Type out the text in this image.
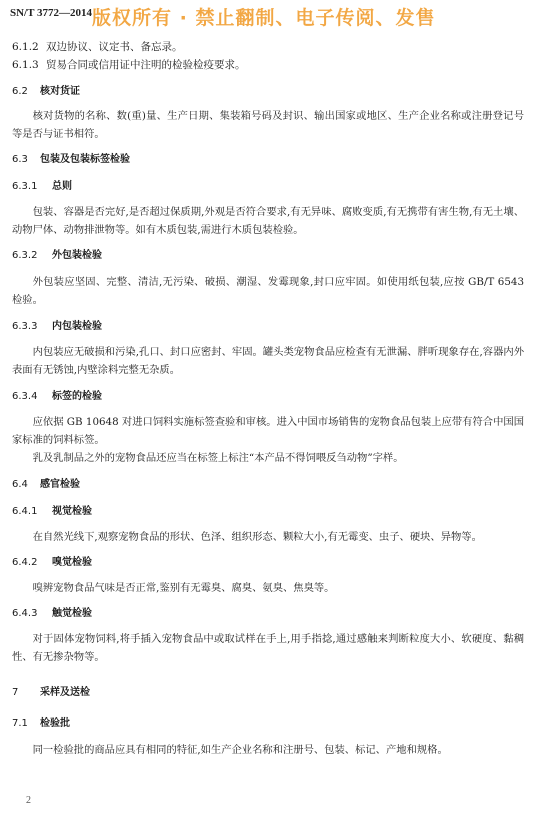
SN/T 3772—2014 版权所有 · 禁止翻制、电子传阅、发售
6.1.2 双边协议、议定书、备忘录。
6.1.3 贸易合同或信用证中注明的检验检疫要求。
6.2 核对货证
核对货物的名称、数(重)量、生产日期、集装箱号码及封识、输出国家或地区、生产企业名称或注册登记号等是否与证书相符。
6.3 包装及包装标签检验
6.3.1 总则
包装、容器是否完好,是否超过保质期,外观是否符合要求,有无异味、腐败变质,有无携带有害生物,有无土壤、动物尸体、动物排泄物等。如有木质包装,需进行木质包装检验。
6.3.2 外包装检验
外包装应坚固、完整、清洁,无污染、破损、潮湿、发霉现象,封口应牢固。如使用纸包装,应按 GB/T 6543 检验。
6.3.3 内包装检验
内包装应无破损和污染,孔口、封口应密封、牢固。罐头类宠物食品应检查有无泄漏、胖听现象存在,容器内外表面有无锈蚀,内壁涂料完整无杂质。
6.3.4 标签的检验
应依据 GB 10648 对进口饲料实施标签查验和审核。进入中国市场销售的宠物食品包装上应带有符合中国国家标准的饲料标签。
乳及乳制品之外的宠物食品还应当在标签上标注“本产品不得饲喂反刍动物”字样。
6.4 感官检验
6.4.1 视觉检验
在自然光线下,观察宠物食品的形状、色泽、组织形态、颗粒大小,有无霉变、虫子、硬块、异物等。
6.4.2 嗅觉检验
嗅辨宠物食品气味是否正常,鉴别有无霉臭、腐臭、氨臭、焦臭等。
6.4.3 触觉检验
对于固体宠物饲料,将手插入宠物食品中或取试样在手上,用手指捻,通过感触来判断粒度大小、软硬度、黏稠性、有无掺杂物等。
7 采样及送检
7.1 检验批
同一检验批的商品应具有相同的特征,如生产企业名称和注册号、包装、标记、产地和规格。
2
